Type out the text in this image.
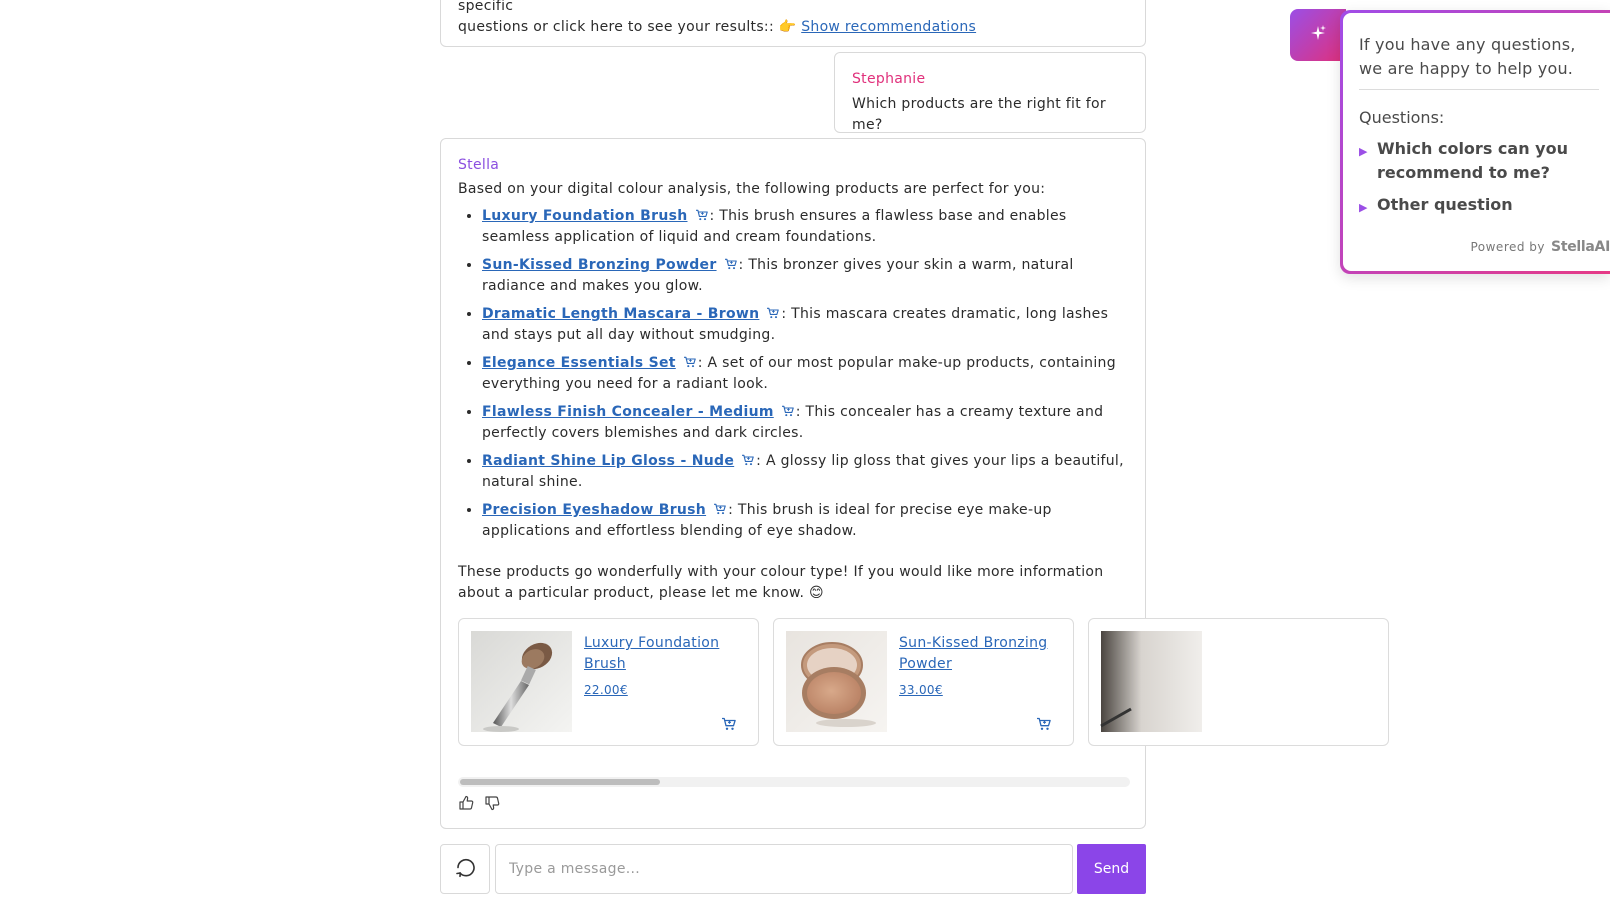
specific
questions or click here to see your results:: 👉 Show recommendations

Stephanie
Which products are the right fit for me?
Stella
Based on your digital colour analysis, the following products are perfect for you:
• Luxury Foundation Brush : This brush ensures a flawless base and enables seamless application of liquid and cream foundations.
• Sun-Kissed Bronzing Powder : This bronzer gives your skin a warm, natural radiance and makes you glow.
• Dramatic Length Mascara - Brown : This mascara creates dramatic, long lashes and stays put all day without smudging.
• Elegance Essentials Set : A set of our most popular make-up products, containing everything you need for a radiant look.
• Flawless Finish Concealer - Medium : This concealer has a creamy texture and perfectly covers blemishes and dark circles.
• Radiant Shine Lip Gloss - Nude : A glossy lip gloss that gives your lips a beautiful, natural shine.
• Precision Eyeshadow Brush : This brush is ideal for precise eye make-up applications and effortless blending of eye shadow.
These products go wonderfully with your colour type! If you would like more information about a particular product, please let me know. 😊
Luxury Foundation Brush
22.00€
Sun-Kissed Bronzing Powder
33.00€
Type a message...
Send
If you have any questions, we are happy to help you.
Questions:
▶ Which colors can you recommend to me?
▶ Other question
Powered by StellaAI
